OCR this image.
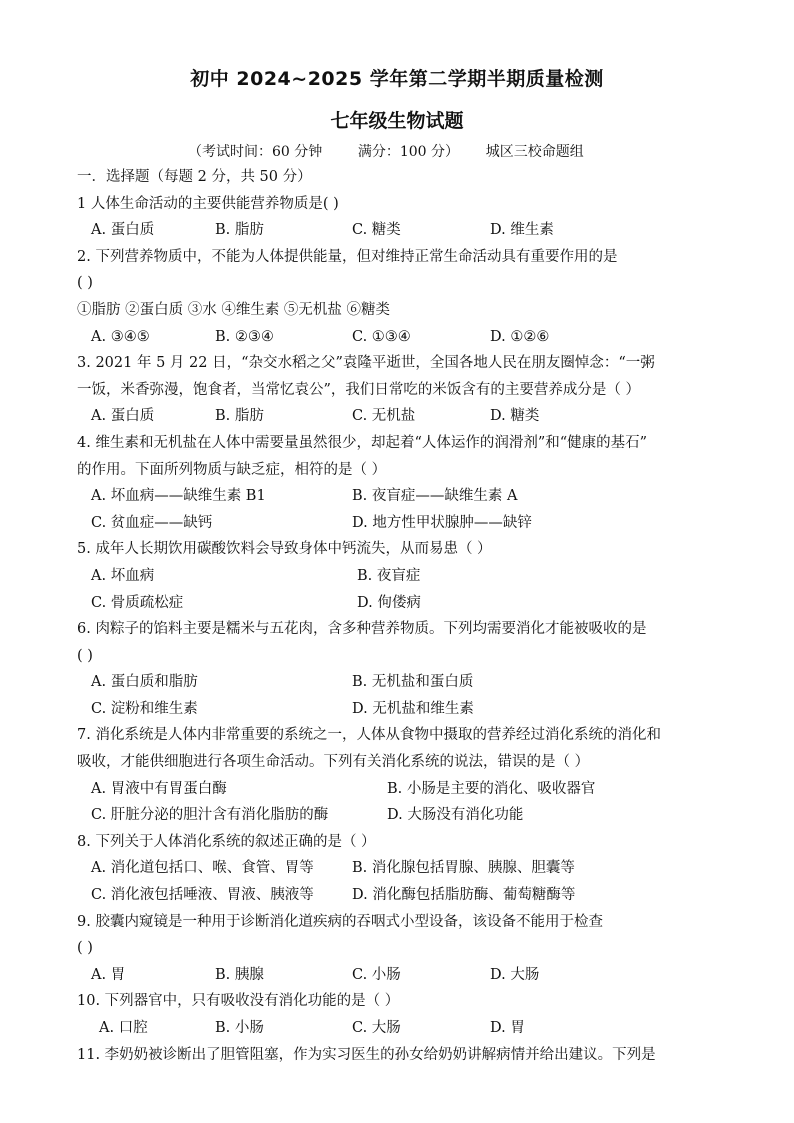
初中 2024~2025 学年第二学期半期质量检测
七年级生物试题
（考试时间：60 分钟        满分：100 分）      城区三校命题组
一．选择题（每题 2 分，共 50 分）
1 人体生命活动的主要供能营养物质是( )
A. 蛋白质	B. 脂肪	C. 糖类	D. 维生素
2. 下列营养物质中，不能为人体提供能量，但对维持正常生命活动具有重要作用的是
( )
①脂肪 ②蛋白质 ③水 ④维生素 ⑤无机盐 ⑥糖类
A. ③④⑤	B. ②③④	C. ①③④	D. ①②⑥
3. 2021 年 5 月 22 日，“杂交水稻之父”袁隆平逝世，全国各地人民在朋友圈悼念：“一粥
一饭，米香弥漫，饱食者，当常忆袁公”，我们日常吃的米饭含有的主要营养成分是（ ）
A. 蛋白质	B. 脂肪	C. 无机盐	D. 糖类
4. 维生素和无机盐在人体中需要量虽然很少，却起着“人体运作的润滑剂”和“健康的基石”
的作用。下面所列物质与缺乏症，相符的是（ ）
A. 坏血病——缺维生素 B1	B. 夜盲症——缺维生素 A
C. 贫血症——缺钙	D. 地方性甲状腺肿——缺锌
5. 成年人长期饮用碳酸饮料会导致身体中钙流失，从而易患（ ）
A. 坏血病	B. 夜盲症
C. 骨质疏松症	D. 佝偻病
6. 肉粽子的馅料主要是糯米与五花肉，含多种营养物质。下列均需要消化才能被吸收的是
( )
A. 蛋白质和脂肪	B. 无机盐和蛋白质
C. 淀粉和维生素	D. 无机盐和维生素
7. 消化系统是人体内非常重要的系统之一，人体从食物中摄取的营养经过消化系统的消化和
吸收，才能供细胞进行各项生命活动。下列有关消化系统的说法，错误的是（ ）
A. 胃液中有胃蛋白酶	B. 小肠是主要的消化、吸收器官
C. 肝脏分泌的胆汁含有消化脂肪的酶	D. 大肠没有消化功能
8. 下列关于人体消化系统的叙述正确的是（ ）
A. 消化道包括口、喉、食管、胃等	B. 消化腺包括胃腺、胰腺、胆囊等
C. 消化液包括唾液、胃液、胰液等	D. 消化酶包括脂肪酶、葡萄糖酶等
9. 胶囊内窥镜是一种用于诊断消化道疾病的吞咽式小型设备，该设备不能用于检查
( )
A. 胃	B. 胰腺	C. 小肠	D. 大肠
10. 下列器官中，只有吸收没有消化功能的是（ ）
A. 口腔	B. 小肠	C. 大肠	D. 胃
11. 李奶奶被诊断出了胆管阻塞，作为实习医生的孙女给奶奶讲解病情并给出建议。下列是
